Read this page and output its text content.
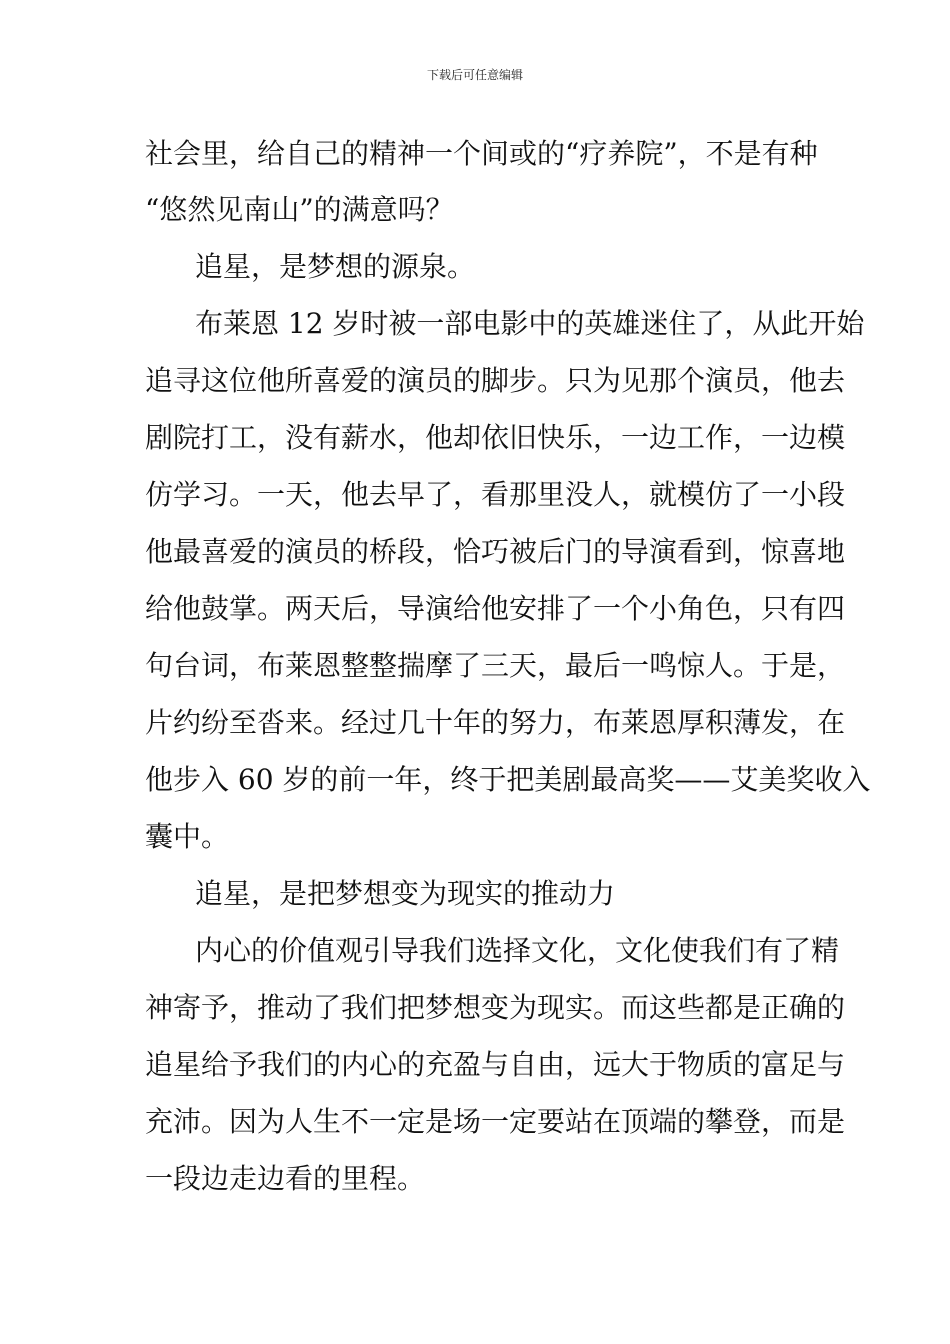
下载后可任意编辑
社会里，给自己的精神一个间或的“疗养院”，不是有种
“悠然见南山”的满意吗？
追星，是梦想的源泉。
布莱恩 12 岁时被一部电影中的英雄迷住了，从此开始
追寻这位他所喜爱的演员的脚步。只为见那个演员，他去
剧院打工，没有薪水，他却依旧快乐，一边工作，一边模
仿学习。一天，他去早了，看那里没人，就模仿了一小段
他最喜爱的演员的桥段，恰巧被后门的导演看到，惊喜地
给他鼓掌。两天后，导演给他安排了一个小角色，只有四
句台词，布莱恩整整揣摩了三天，最后一鸣惊人。于是，
片约纷至沓来。经过几十年的努力，布莱恩厚积薄发，在
他步入 60 岁的前一年，终于把美剧最高奖——艾美奖收入
囊中。
追星，是把梦想变为现实的推动力
内心的价值观引导我们选择文化，文化使我们有了精
神寄予，推动了我们把梦想变为现实。而这些都是正确的
追星给予我们的内心的充盈与自由，远大于物质的富足与
充沛。因为人生不一定是场一定要站在顶端的攀登，而是
一段边走边看的里程。
